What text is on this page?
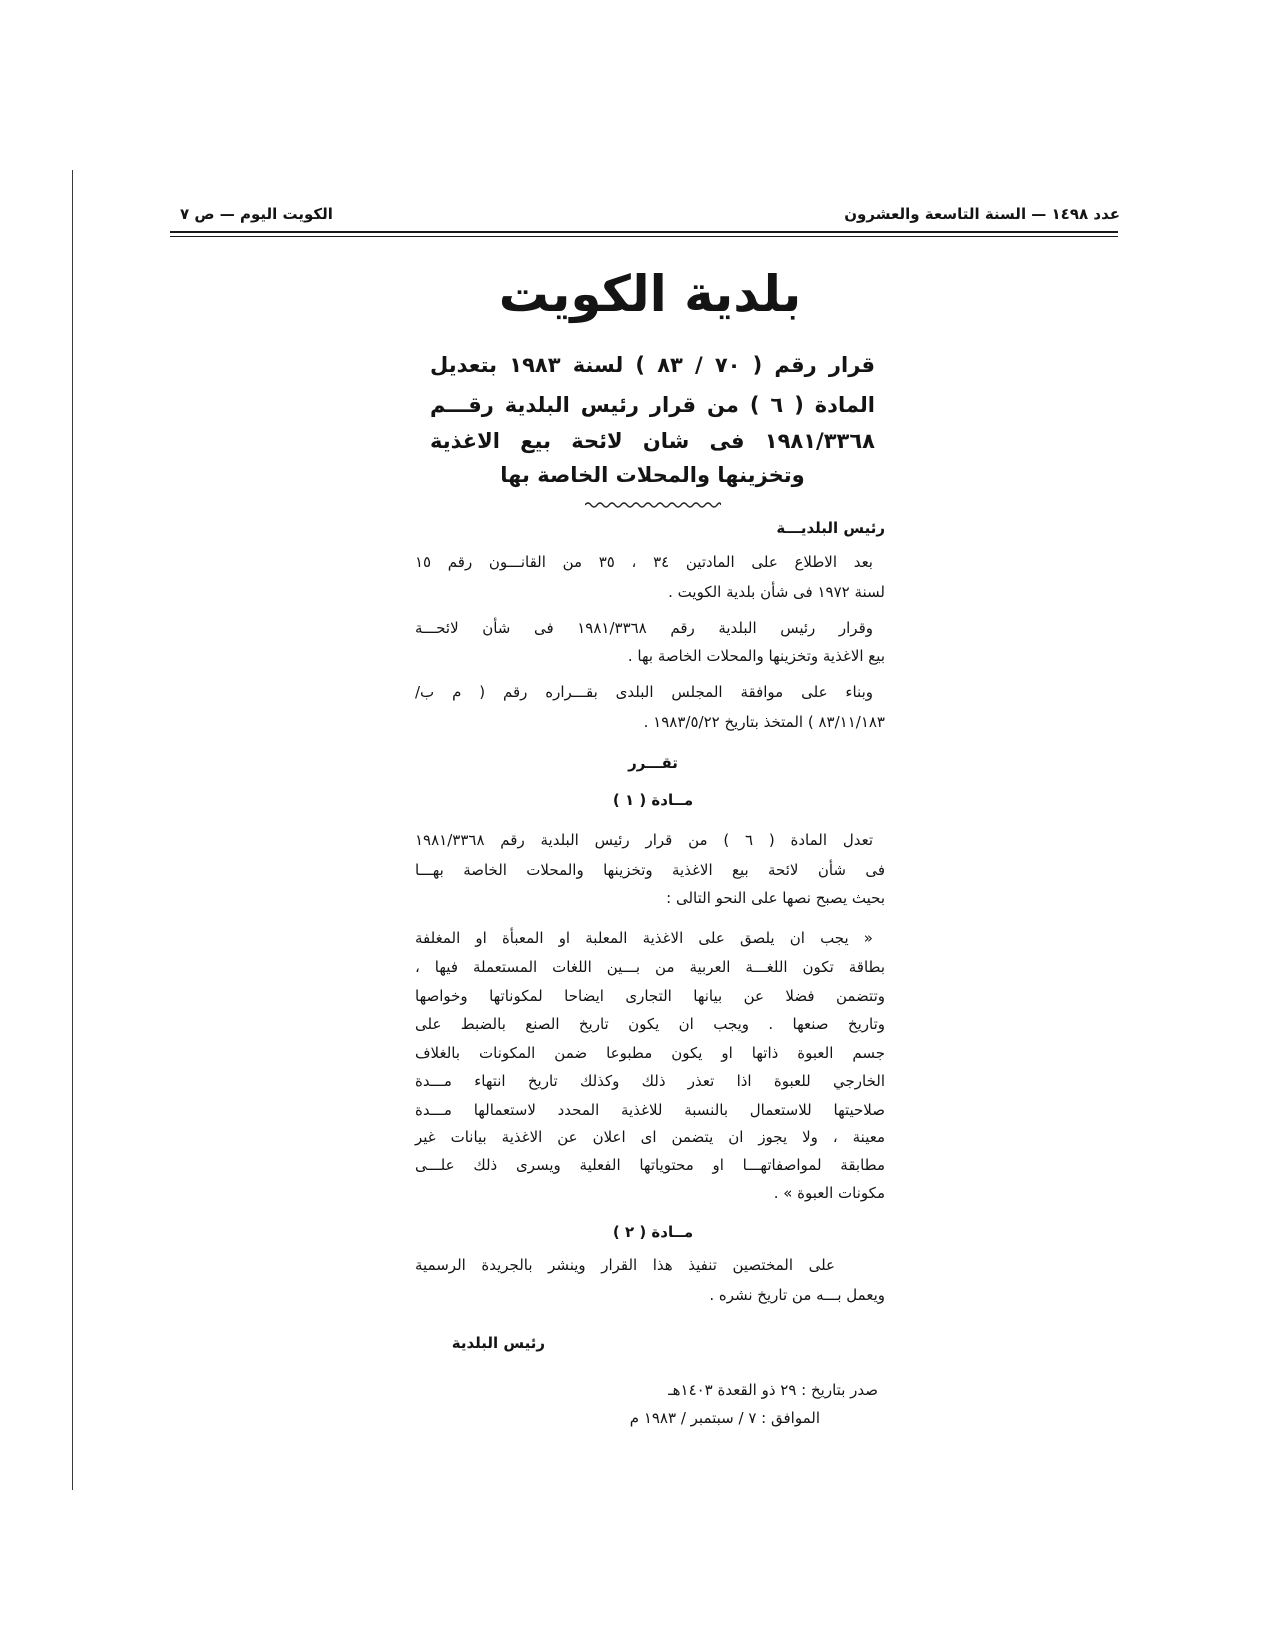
عدد ١٤٩٨ — السنة التاسعة والعشرون
الكويت اليوم — ص ٧
بلدية الكويت
قرار رقم ( ٧٠ / ٨٣ ) لسنة ١٩٨٣ بتعديل
المادة ( ٦ ) من قرار رئيس البلدية رقـــم
١٩٨١/٣٣٦٨ فى شان لائحة بيع الاغذية
وتخزينها والمحلات الخاصة بها
رئيس البلديـــة
بعد الاطلاع على المادتين ٣٤ ، ٣٥ من القانـــون رقم ١٥
لسنة ١٩٧٢ فى شأن بلدية الكويت .
وقرار رئيس البلدية رقم ١٩٨١/٣٣٦٨ فى شأن لائحـــة
بيع الاغذية وتخزينها والمحلات الخاصة بها .
وبناء على موافقة المجلس البلدى بقـــراره رقم ( م ب/
٨٣/١١/١٨٣ ) المتخذ بتاريخ ١٩٨٣/٥/٢٢ .
تقـــرر
مــادة ( ١ )
تعدل المادة ( ٦ ) من قرار رئيس البلدية رقم ١٩٨١/٣٣٦٨
فى شأن لائحة بيع الاغذية وتخزينها والمحلات الخاصة بهـــا
بحيث يصبح نصها على النحو التالى :
« يجب ان يلصق على الاغذية المعلبة او المعبأة او المغلفة
بطاقة تكون اللغـــة العربية من بـــين اللغات المستعملة فيها ،
وتتضمن فضلا عن بيانها التجارى ايضاحا لمكوناتها وخواصها
وتاريخ صنعها . ويجب ان يكون تاريخ الصنع بالضبط على
جسم العبوة ذاتها او يكون مطبوعا ضمن المكونات بالغلاف
الخارجي للعبوة اذا تعذر ذلك وكذلك تاريخ انتهاء مـــدة
صلاحيتها للاستعمال بالنسبة للاغذية المحدد لاستعمالها مـــدة
معينة ، ولا يجوز ان يتضمن اى اعلان عن الاغذية بيانات غير
مطابقة لمواصفاتهـــا او محتوياتها الفعلية ويسرى ذلك علـــى
مكونات العبوة » .
مــادة ( ٢ )
على المختصين تنفيذ هذا القرار وينشر بالجريدة الرسمية
ويعمل بـــه من تاريخ نشره .
رئيس البلدية
صدر بتاريخ : ٢٩ ذو القعدة ١٤٠٣هـ
الموافق : ٧ / سبتمبر / ١٩٨٣ م
